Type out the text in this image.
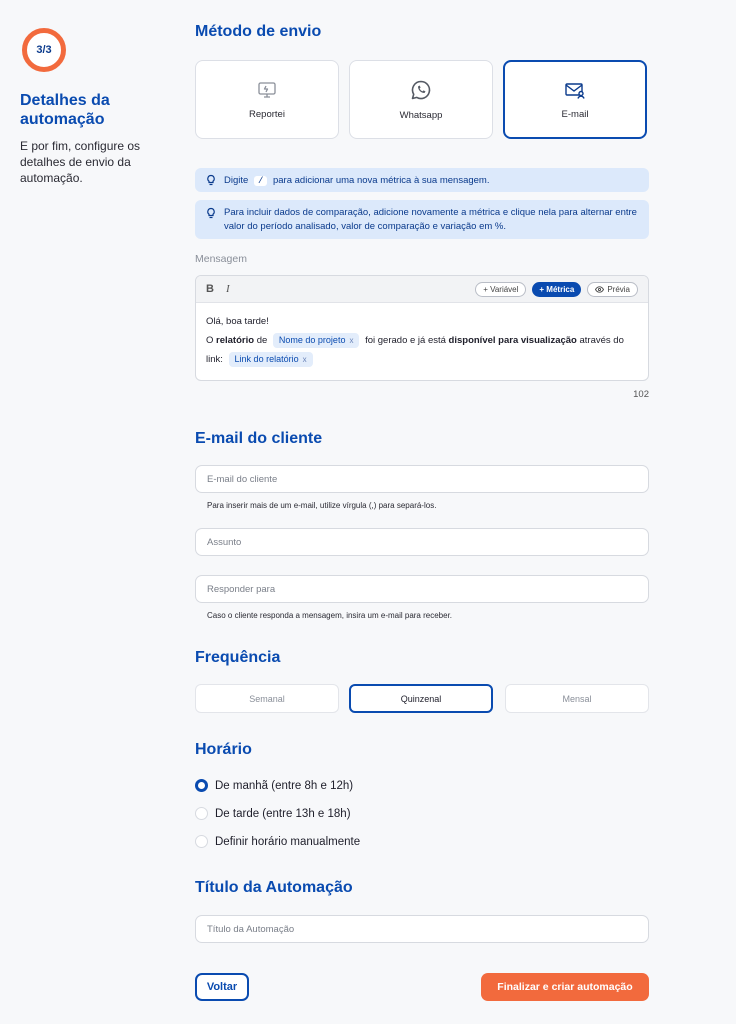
3/3
Detalhes da automação
E por fim, configure os detalhes de envio da automação.
Método de envio
Reportei	Whatsapp	E-mail
Digite / para adicionar uma nova métrica à sua mensagem.
Para incluir dados de comparação, adicione novamente a métrica e clique nela para alternar entre valor do período analisado, valor de comparação e variação em %.
Mensagem
B I	+ Variável	+ Métrica	Prévia
Olá, boa tarde!
O relatório de Nome do projeto x foi gerado e já está disponível para visualização através do
link: Link do relatório x
102
E-mail do cliente
E-mail do cliente
Para inserir mais de um e-mail, utilize vírgula (,) para separá-los.
Assunto
Responder para
Caso o cliente responda a mensagem, insira um e-mail para receber.
Frequência
Semanal	Quinzenal	Mensal
Horário
De manhã (entre 8h e 12h)
De tarde (entre 13h e 18h)
Definir horário manualmente
Título da Automação
Título da Automação
Voltar	Finalizar e criar automação
